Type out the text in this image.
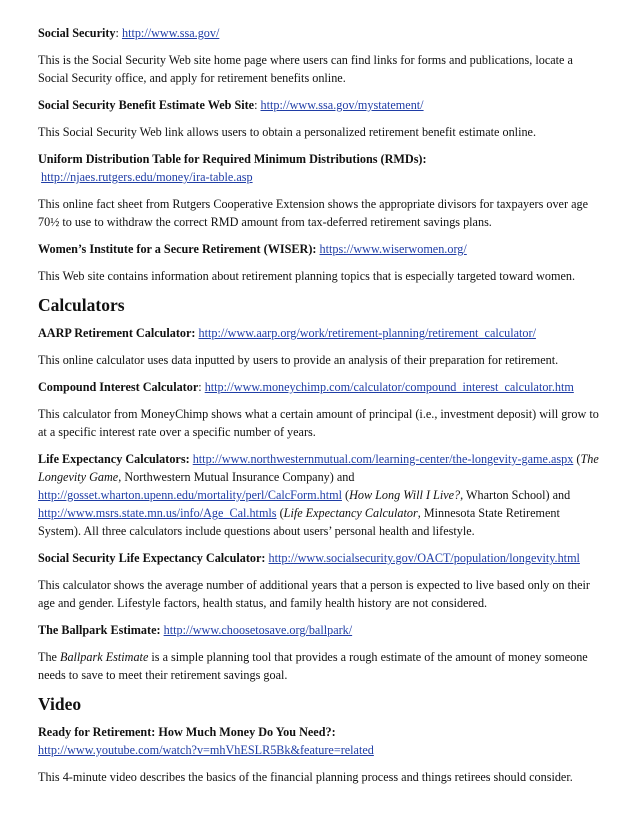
Social Security: http://www.ssa.gov/

This is the Social Security Web site home page where users can find links for forms and publications, locate a Social Security office, and apply for retirement benefits online.

Social Security Benefit Estimate Web Site: http://www.ssa.gov/mystatement/

This Social Security Web link allows users to obtain a personalized retirement benefit estimate online.

Uniform Distribution Table for Required Minimum Distributions (RMDs):
http://njaes.rutgers.edu/money/ira-table.asp

This online fact sheet from Rutgers Cooperative Extension shows the appropriate divisors for taxpayers over age 70½ to use to withdraw the correct RMD amount from tax-deferred retirement savings plans.

Women’s Institute for a Secure Retirement (WISER): https://www.wiserwomen.org/

This Web site contains information about retirement planning topics that is especially targeted toward women.

Calculators

AARP Retirement Calculator: http://www.aarp.org/work/retirement-planning/retirement_calculator/

This online calculator uses data inputted by users to provide an analysis of their preparation for retirement.

Compound Interest Calculator: http://www.moneychimp.com/calculator/compound_interest_calculator.htm

This calculator from MoneyChimp shows what a certain amount of principal (i.e., investment deposit) will grow to at a specific interest rate over a specific number of years.

Life Expectancy Calculators: http://www.northwesternmutual.com/learning-center/the-longevity-game.aspx (The Longevity Game, Northwestern Mutual Insurance Company) and
http://gosset.wharton.upenn.edu/mortality/perl/CalcForm.html (How Long Will I Live?, Wharton School) and
http://www.msrs.state.mn.us/info/Age_Cal.htmls (Life Expectancy Calculator, Minnesota State Retirement System). All three calculators include questions about users’ personal health and lifestyle.

Social Security Life Expectancy Calculator: http://www.socialsecurity.gov/OACT/population/longevity.html

This calculator shows the average number of additional years that a person is expected to live based only on their age and gender. Lifestyle factors, health status, and family health history are not considered.

The Ballpark Estimate: http://www.choosetosave.org/ballpark/

The Ballpark Estimate is a simple planning tool that provides a rough estimate of the amount of money someone needs to save to meet their retirement savings goal.

Video

Ready for Retirement: How Much Money Do You Need?:
http://www.youtube.com/watch?v=mhVhESLR5Bk&feature=related

This 4-minute video describes the basics of the financial planning process and things retirees should consider.
